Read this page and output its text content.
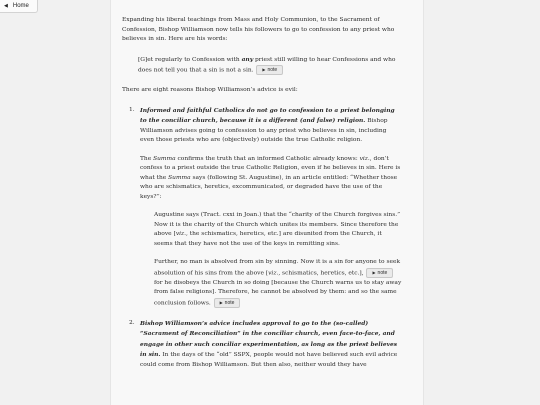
◀ Home

Expanding his liberal teachings from Mass and Holy Communion, to the Sacrament of Confession, Bishop Williamson now tells his followers to go to confession to any priest who believes in sin. Here are his words:

[G]et regularly to Confession with any priest still willing to hear Confessions and who does not tell you that a sin is not a sin. ▶ note

There are eight reasons Bishop Williamson’s advice is evil:

1. Informed and faithful Catholics do not go to confession to a priest belonging to the conciliar church, because it is a different (and false) religion. Bishop Williamson advises going to confession to any priest who believes in sin, including even those priests who are (objectively) outside the true Catholic religion.

The Summa confirms the truth that an informed Catholic already knows: viz., don’t confess to a priest outside the true Catholic Religion, even if he believes in sin. Here is what the Summa says (following St. Augustine), in an article entitled: “Whether those who are schismatics, heretics, excommunicated, or degraded have the use of the keys?”:

Augustine says (Tract. cxxi in Joan.) that the “charity of the Church forgives sins.” Now it is the charity of the Church which unites its members. Since therefore the above [viz., the schismatics, heretics, etc.] are disunited from the Church, it seems that they have not the use of the keys in remitting sins.

Further, no man is absolved from sin by sinning. Now it is a sin for anyone to seek absolution of his sins from the above [viz., schismatics, heretics, etc.], ▶ note for he disobeys the Church in so doing [because the Church warns us to stay away from false religions]. Therefore, he cannot be absolved by them: and so the same conclusion follows. ▶ note

2. Bishop Williamson’s advice includes approval to go to the (so-called) “Sacrament of Reconciliation” in the conciliar church, even face-to-face, and engage in other such conciliar experimentation, as long as the priest believes in sin. In the days of the “old” SSPX, people would not have believed such evil advice could come from Bishop Williamson. But then also, neither would they have
